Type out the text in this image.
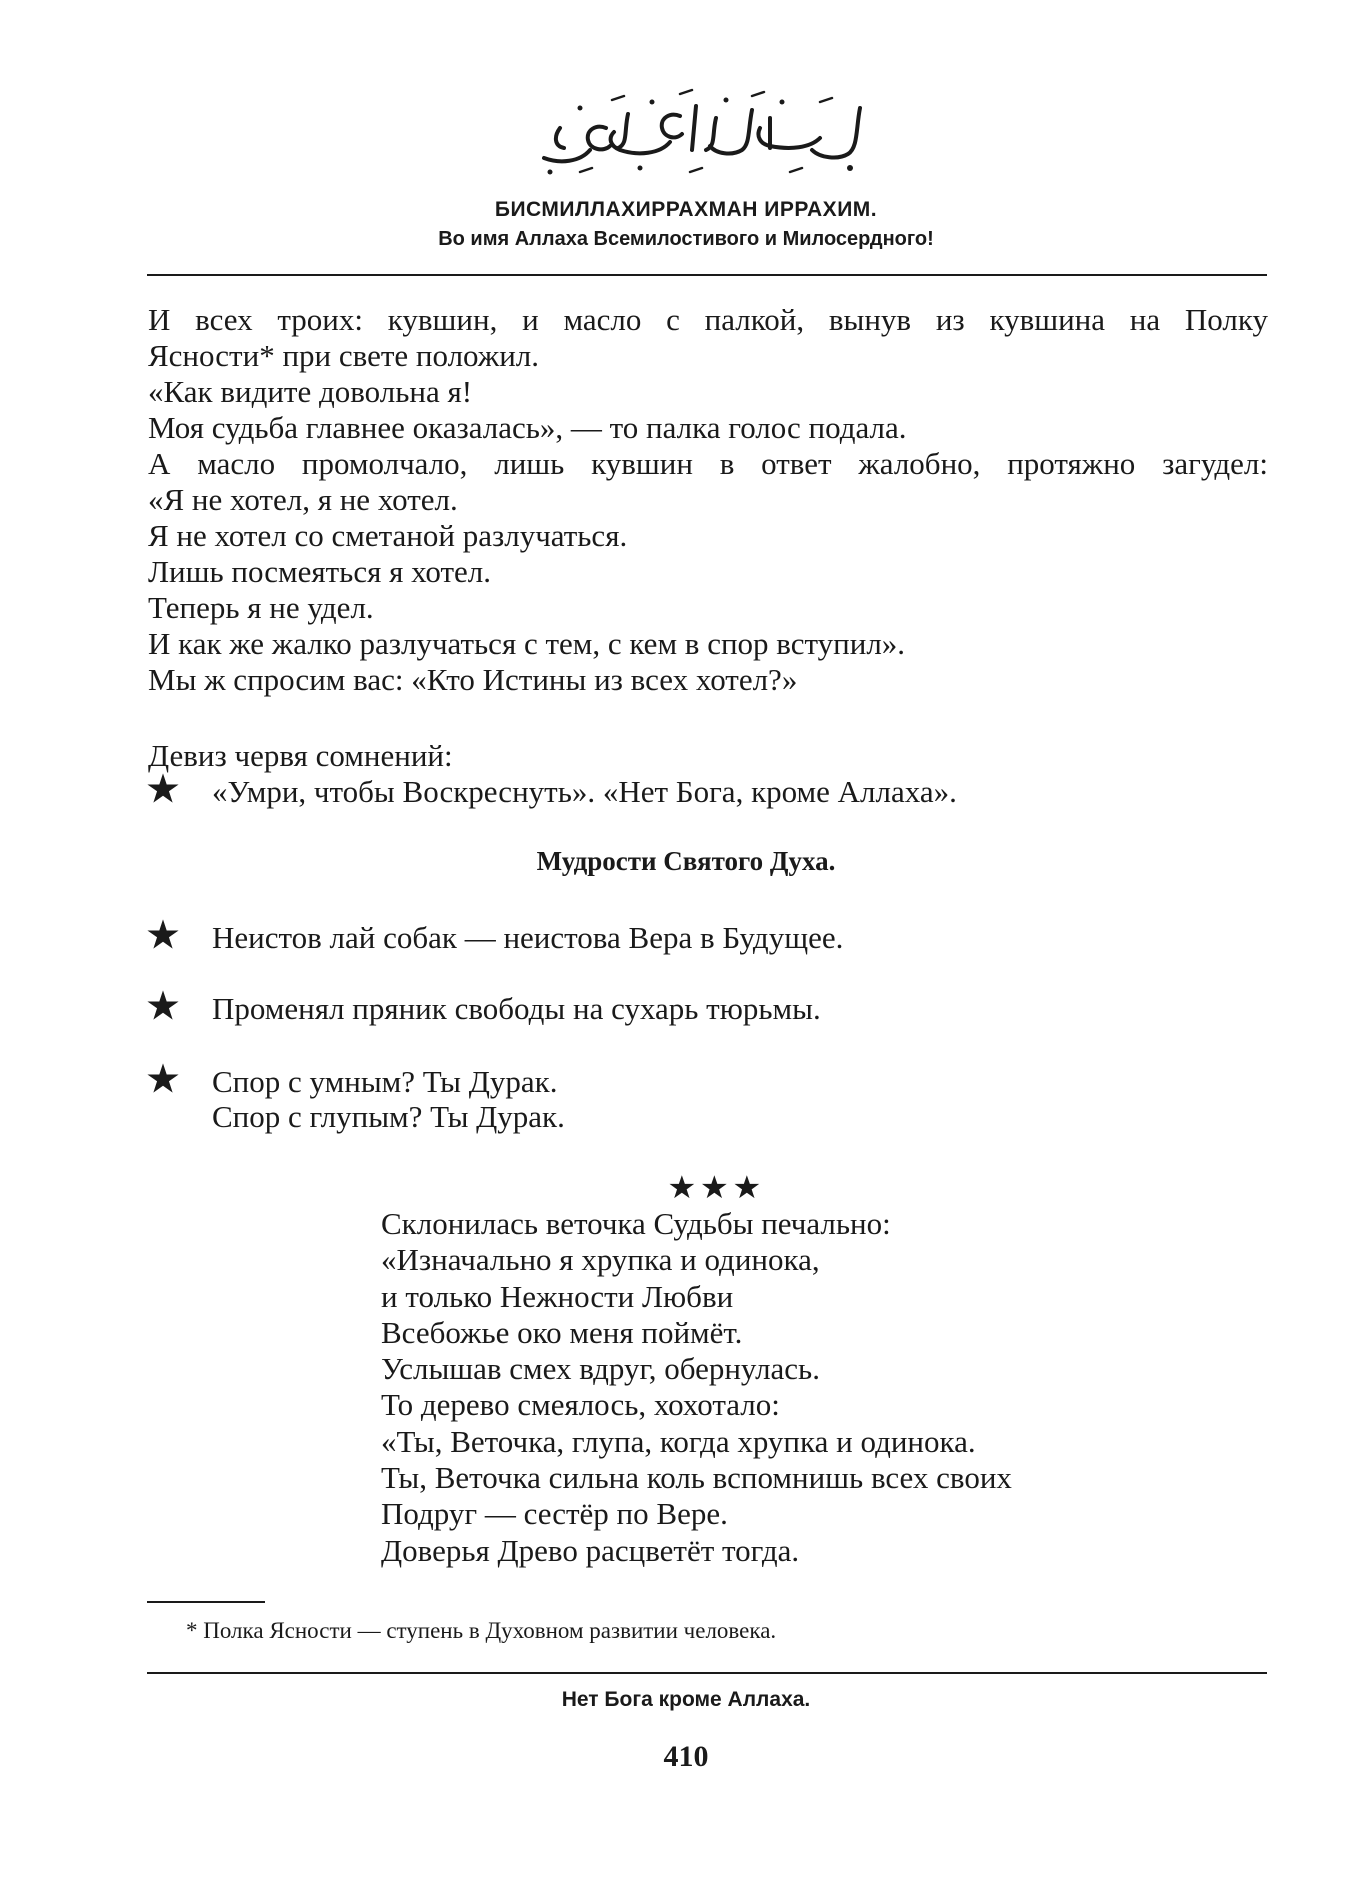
БИСМИЛЛАХИРРАХМАН ИРРАХИМ.
Во имя Аллаха Всемилостивого и Милосердного!
И всех троих: кувшин, и масло с палкой, вынув из кувшина на Полку
Ясности* при свете положил.
«Как видите довольна я!
Моя судьба главнее оказалась», — то палка голос подала.
А масло промолчало, лишь кувшин в ответ жалобно, протяжно загудел:
«Я не хотел, я не хотел.
Я не хотел со сметаной разлучаться.
Лишь посмеяться я хотел.
Теперь я не удел.
И как же жалко разлучаться с тем, с кем в спор вступил».
Мы ж спросим вас: «Кто Истины из всех хотел?»
Девиз червя сомнений:
«Умри, чтобы Воскреснуть». «Нет Бога, кроме Аллаха».
Мудрости Святого Духа.
Неистов лай собак — неистова Вера в Будущее.
Променял пряник свободы на сухарь тюрьмы.
Спор с умным? Ты Дурак.
Спор с глупым? Ты Дурак.
Склонилась веточка Судьбы печально:
«Изначально я хрупка и одинока,
и только Нежности Любви
Всебожье око меня поймёт.
Услышав смех вдруг, обернулась.
То дерево смеялось, хохотало:
«Ты, Веточка, глупа, когда хрупка и одинока.
Ты, Веточка сильна коль вспомнишь всех своих
Подруг — сестёр по Вере.
Доверья Древо расцветёт тогда.
* Полка Ясности — ступень в Духовном развитии человека.
Нет Бога кроме Аллаха.
410
